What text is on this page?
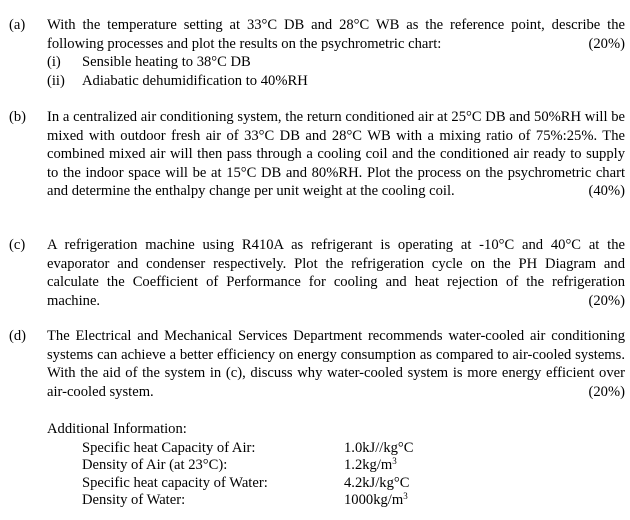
(a) With the temperature setting at 33°C DB and 28°C WB as the reference point, describe the following processes and plot the results on the psychrometric chart:	(20%)
(i) Sensible heating to 38°C DB
(ii) Adiabatic dehumidification to 40%RH
(b) In a centralized air conditioning system, the return conditioned air at 25°C DB and 50%RH will be mixed with outdoor fresh air of 33°C DB and 28°C WB with a mixing ratio of 75%:25%. The combined mixed air will then pass through a cooling coil and the conditioned air ready to supply to the indoor space will be at 15°C DB and 80%RH. Plot the process on the psychrometric chart and determine the enthalpy change per unit weight at the cooling coil.	(40%)
(c) A refrigeration machine using R410A as refrigerant is operating at -10°C and 40°C at the evaporator and condenser respectively. Plot the refrigeration cycle on the PH Diagram and calculate the Coefficient of Performance for cooling and heat rejection of the refrigeration machine.	(20%)
(d) The Electrical and Mechanical Services Department recommends water-cooled air conditioning systems can achieve a better efficiency on energy consumption as compared to air-cooled systems. With the aid of the system in (c), discuss why water-cooled system is more energy efficient over air-cooled system.	(20%)
Additional Information:
Specific heat Capacity of Air:	1.0kJ//kg°C
Density of Air (at 23°C):	$1.2kg/m^3$
Specific heat capacity of Water:	4.2kJ/kg°C
Density of Water:	$1000kg/m^3$
